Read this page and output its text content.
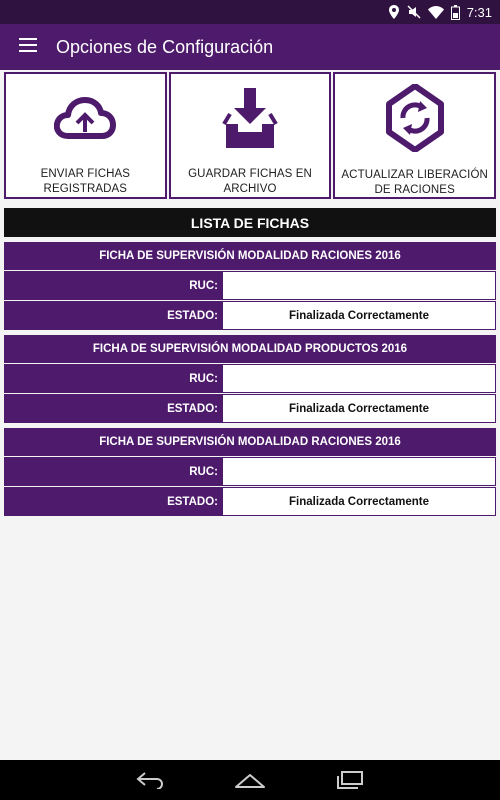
7:31
Opciones de Configuración
ENVIAR FICHAS REGISTRADAS
GUARDAR FICHAS EN ARCHIVO
ACTUALIZAR LIBERACIÓN DE RACIONES
LISTA DE FICHAS
FICHA DE SUPERVISIÓN MODALIDAD RACIONES 2016
RUC:
ESTADO:	Finalizada Correctamente
FICHA DE SUPERVISIÓN MODALIDAD PRODUCTOS 2016
RUC:
ESTADO:	Finalizada Correctamente
FICHA DE SUPERVISIÓN MODALIDAD RACIONES 2016
RUC:
ESTADO:	Finalizada Correctamente
